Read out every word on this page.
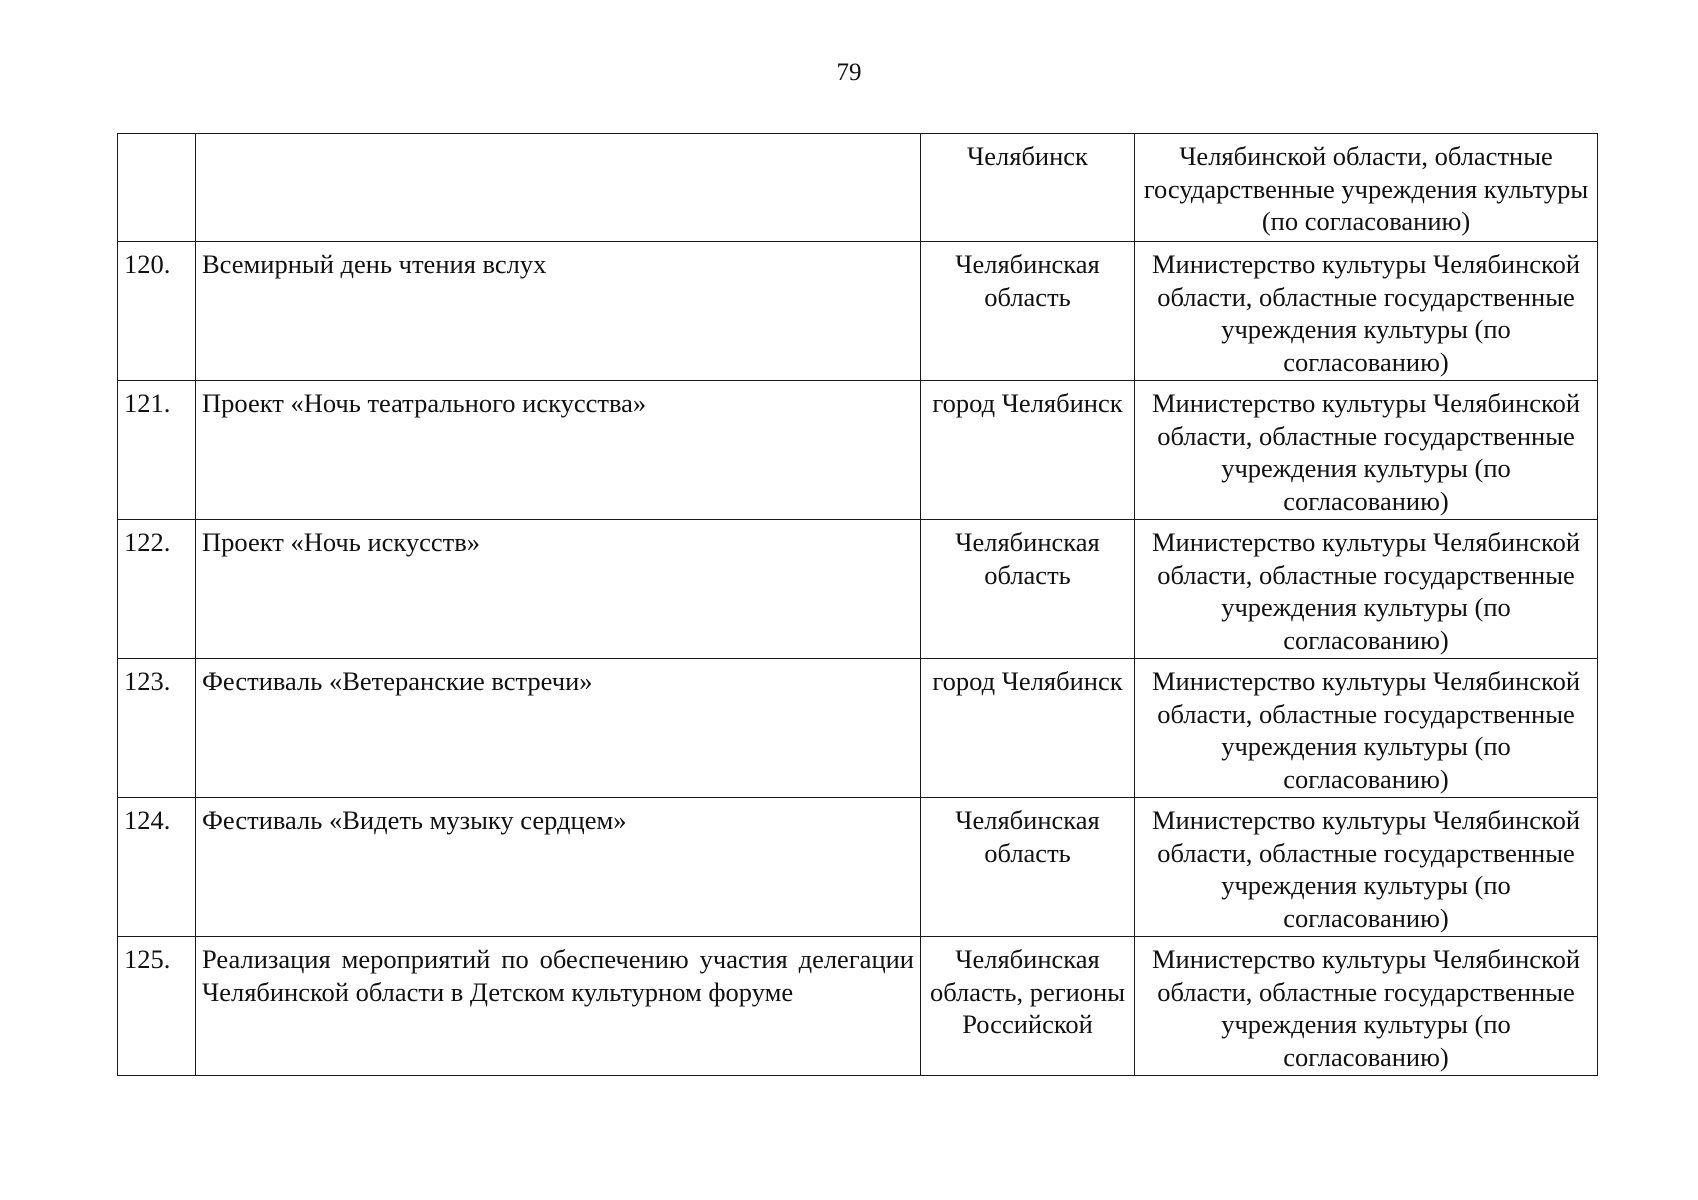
79
		Челябинск	Челябинской области, областные государственные учреждения культуры (по согласованию)
120.	Всемирный день чтения вслух	Челябинская область	Министерство культуры Челябинской области, областные государственные учреждения культуры (по согласованию)
121.	Проект «Ночь театрального искусства»	город Челябинск	Министерство культуры Челябинской области, областные государственные учреждения культуры (по согласованию)
122.	Проект «Ночь искусств»	Челябинская область	Министерство культуры Челябинской области, областные государственные учреждения культуры (по согласованию)
123.	Фестиваль «Ветеранские встречи»	город Челябинск	Министерство культуры Челябинской области, областные государственные учреждения культуры (по согласованию)
124.	Фестиваль «Видеть музыку сердцем»	Челябинская область	Министерство культуры Челябинской области, областные государственные учреждения культуры (по согласованию)
125.	Реализация мероприятий по обеспечению участия делегации Челябинской области в Детском культурном форуме	Челябинская область, регионы Российской	Министерство культуры Челябинской области, областные государственные учреждения культуры (по согласованию)
